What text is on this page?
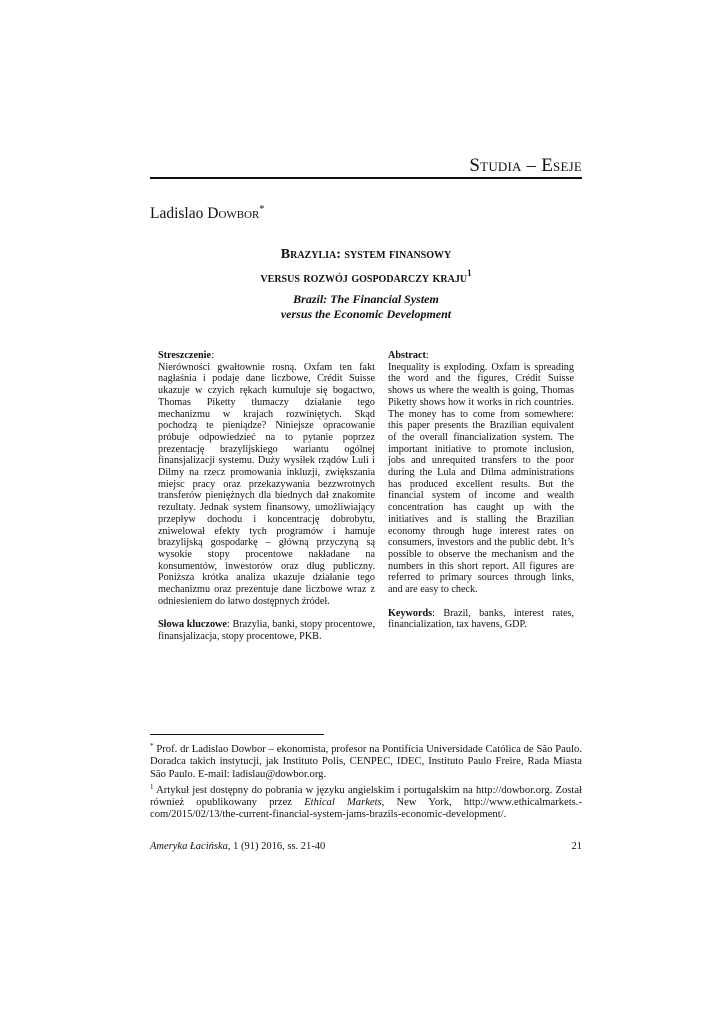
Studia – Eseje
Ladislao Dowbor*
Brazylia: system finansowy
versus rozwój gospodarczy kraju$^1$
Brazil: The Financial System
versus the Economic Development
Streszczenie:
Nierówności gwałtownie rosną. Oxfam ten fakt nagłaśnia i podaje dane liczbowe, Crédit Suisse ukazuje w czyich rękach kumuluje się bogactwo, Thomas Piketty tłumaczy działanie tego mechanizmu w krajach rozwiniętych. Skąd pochodzą te pieniądze? Niniejsze opracowanie próbuje odpowiedzieć na to pytanie poprzez prezentację brazylijskiego wariantu ogólnej finansjalizacji systemu. Duży wysiłek rządów Luli i Dilmy na rzecz promowania inkluzji, zwiększania miejsc pracy oraz przekazywania bezzwrotnych transferów pieniężnych dla biednych dał znakomite rezultaty. Jednak system finansowy, umożliwiający przepływ dochodu i koncentrację dobrobytu, zniwelował efekty tych programów i hamuje brazylijską gospodarkę – główną przyczyną są wysokie stopy procentowe nakładane na konsumentów, inwestorów oraz dług publiczny. Poniższa krótka analiza ukazuje działanie tego mechanizmu oraz prezentuje dane liczbowe wraz z odniesieniem do łatwo dostępnych źródeł.
Słowa kluczowe: Brazylia, banki, stopy procentowe, finansjalizacja, stopy procentowe, PKB.
Abstract:
Inequality is exploding. Oxfam is spreading the word and the figures, Crédit Suisse shows us where the wealth is going, Thomas Piketty shows how it works in rich countries. The money has to come from somewhere: this paper presents the Brazilian equivalent of the overall financialization system. The important initiative to promote inclusion, jobs and unrequited transfers to the poor during the Lula and Dilma administrations has produced excellent results. But the financial system of income and wealth concentration has caught up with the initiatives and is stalling the Brazilian economy through huge interest rates on consumers, investors and the public debt. It’s possible to observe the mechanism and the numbers in this short report. All figures are referred to primary sources through links, and are easy to check.
Keywords: Brazil, banks, interest rates, financialization, tax havens, GDP.

* Prof. dr Ladislao Dowbor – ekonomista, profesor na Pontifícia Universidade Católica de São Paulo. Doradca takich instytucji, jak Instituto Polis, CENPEC, IDEC, Instituto Paulo Freire, Rada Miasta São Paulo. E-mail: ladislau@dowbor.org.

$^1$ Artykuł jest dostępny do pobrania w języku angielskim i portugalskim na http://dowbor.org. Został również opublikowany przez Ethical Markets, New York, http://www.ethicalmarkets.-com/2015/02/13/the-current-financial-system-jams-brazils-economic-development/.

Ameryka Łacińska, 1 (91) 2016, ss. 21-40	21
